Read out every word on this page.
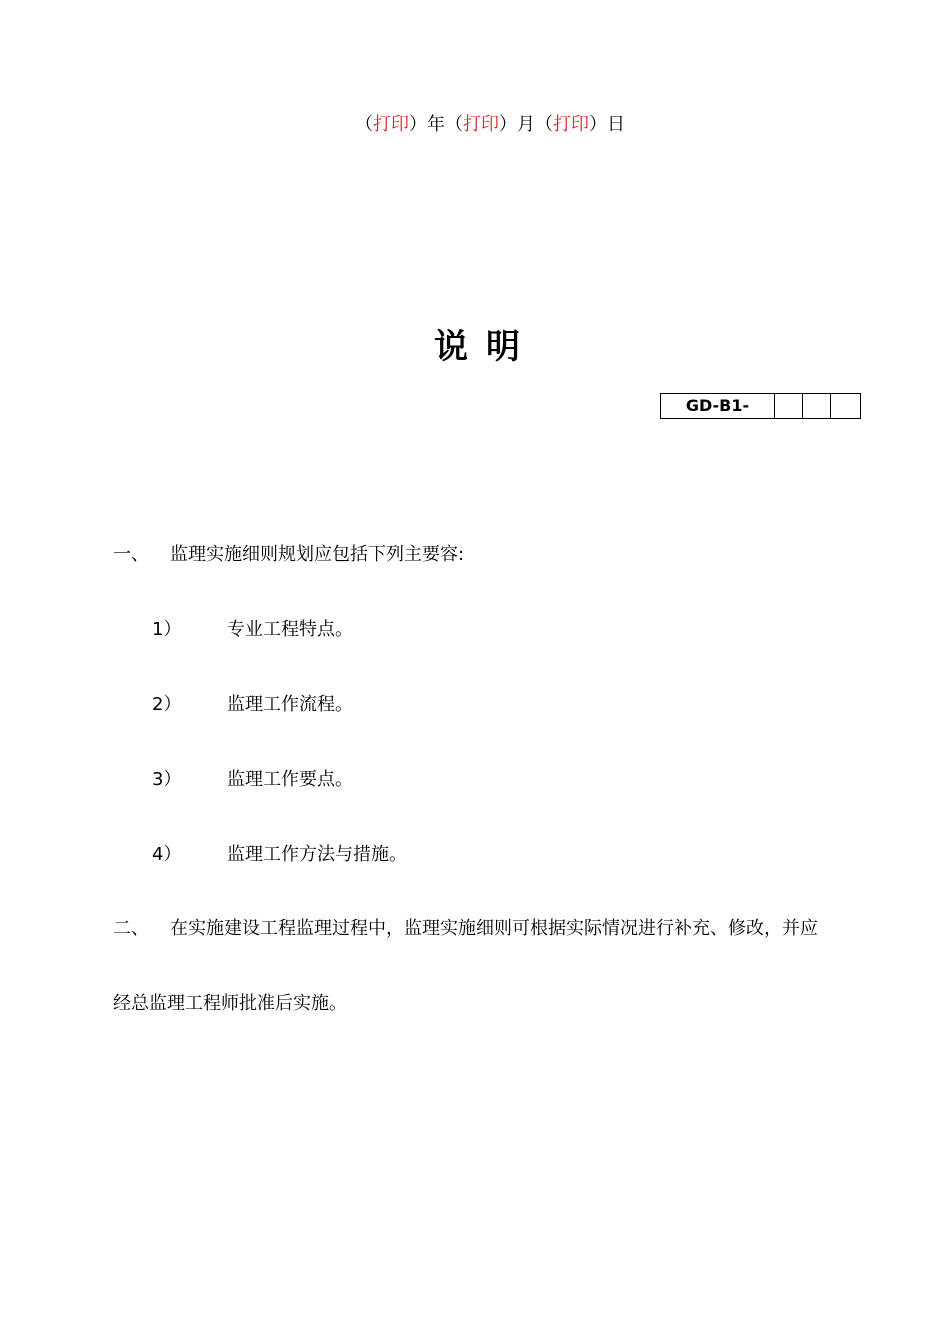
（打印）年（打印）月（打印）日
说明
GD-B1-
一、 监理实施细则规划应包括下列主要容:
1）	专业工程特点。
2）	监理工作流程。
3）	监理工作要点。
4）	监理工作方法与措施。
二、 在实施建设工程监理过程中，监理实施细则可根据实际情况进行补充、修改，并应
经总监理工程师批准后实施。
